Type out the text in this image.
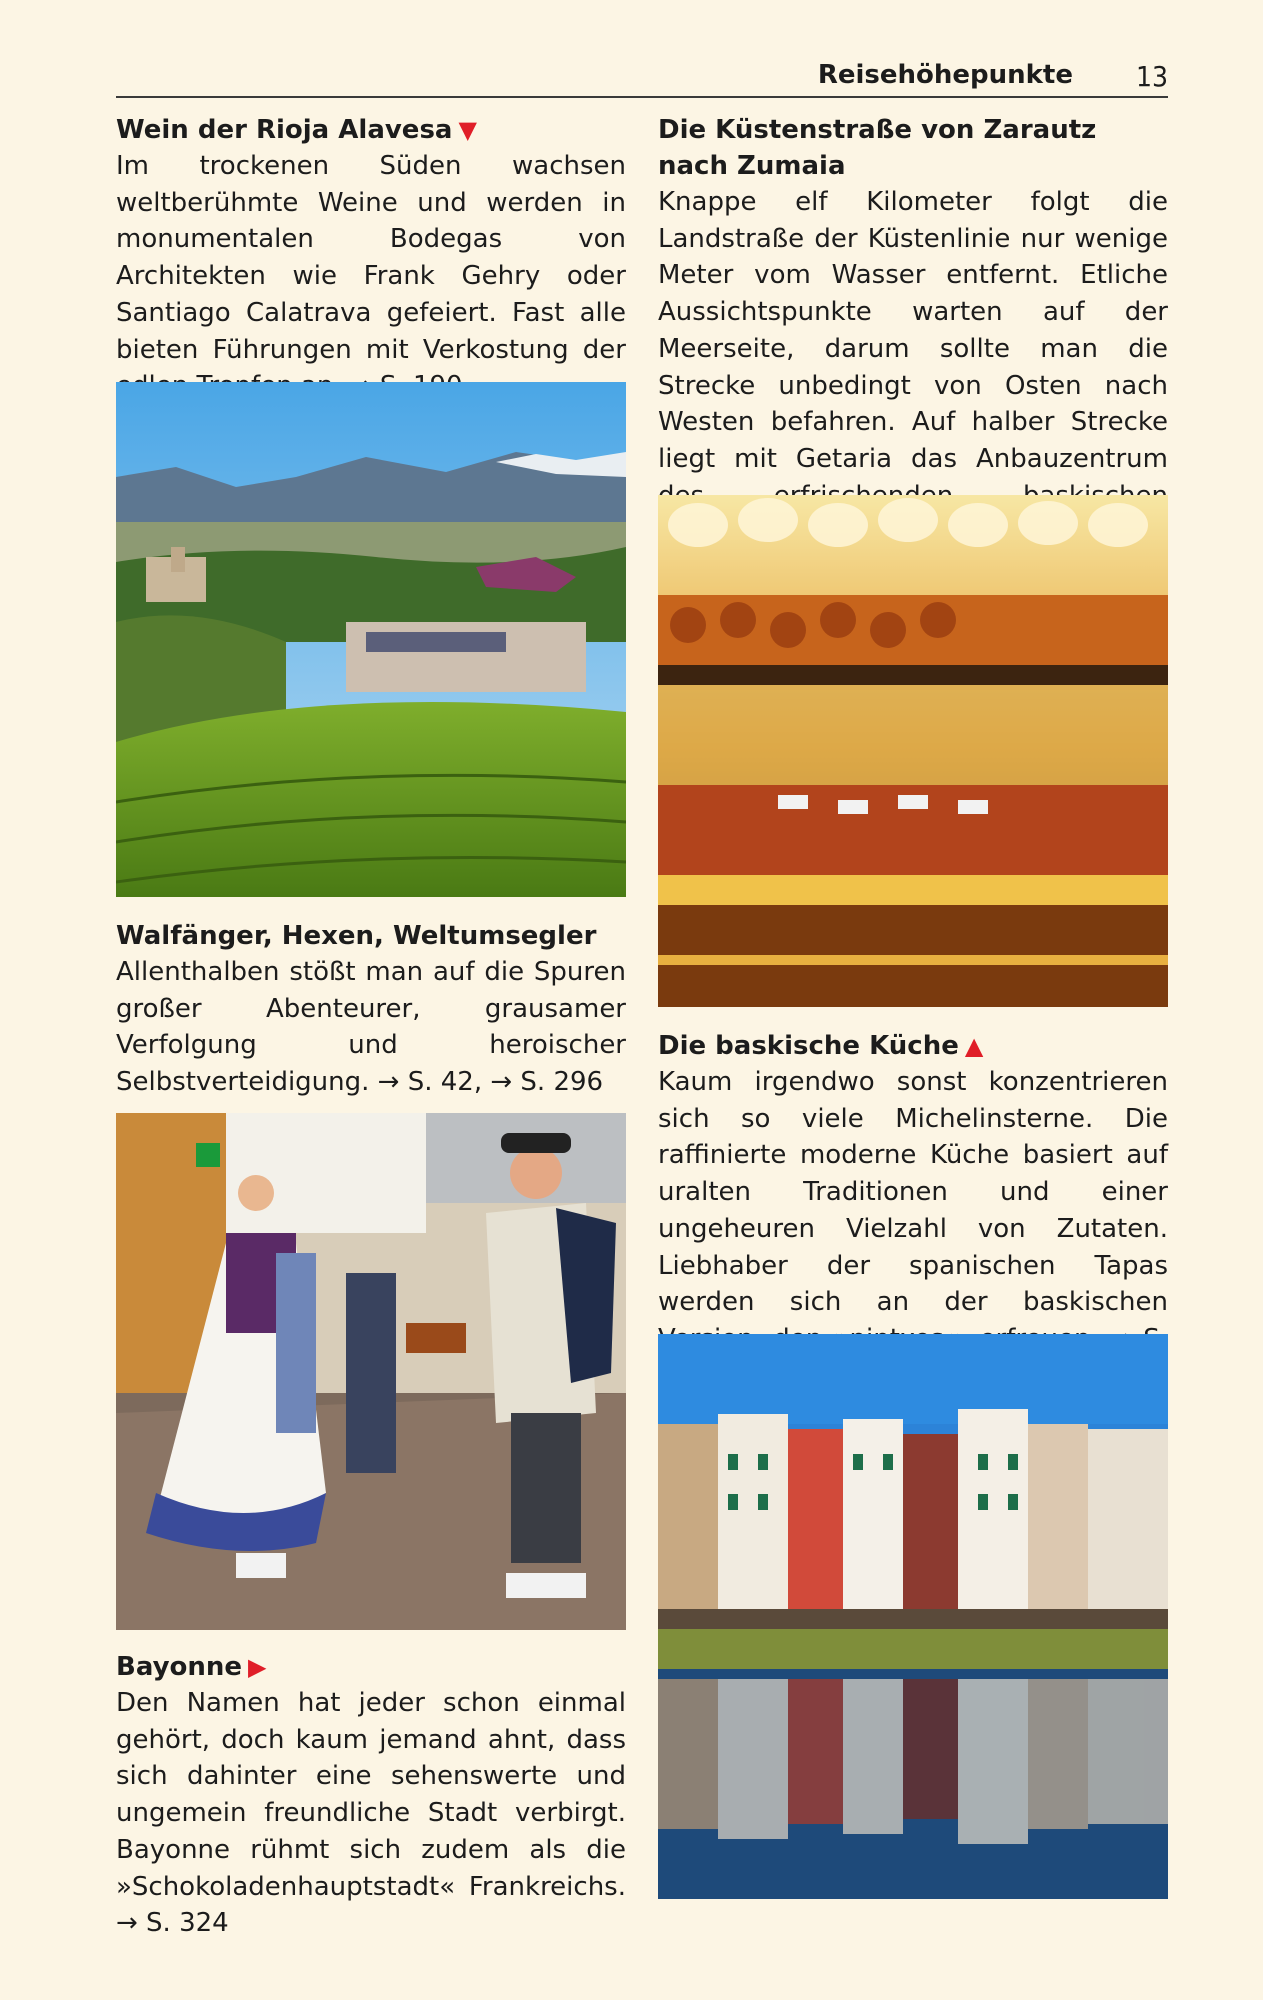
Reisehöhepunkte 13
Wein der Rioja Alavesa ▼

Im trockenen Süden wachsen weltberühmte Weine und werden in monumentalen Bodegas von Architekten wie Frank Gehry oder Santiago Calatrava gefeiert. Fast alle bieten Führungen mit Verkostung der

Walfänger, Hexen, Weltumsegler

Allenthalben stößt man auf die Spuren großer Abenteurer, grausamer Verfolgung und heroischer Selbstverteidigung. → S. 42, → S. 296

Bayonne ▶

Den Namen hat jeder schon einmal gehört, doch kaum jemand ahnt, dass sich dahinter eine sehenswerte und ungemein freundliche Stadt verbirgt. Bayonne rühmt sich zudem als die »Schokoladenhauptstadt« Frankreichs. → S. 324

Die Küstenstraße von Zarautz nach Zumaia

Knappe elf Kilometer folgt die Landstraße der Küstenlinie nur wenige Meter vom Wasser entfernt. Etliche Aussichtspunkte warten auf der Meerseite, darum sollte man die Strecke unbedingt von Osten nach Westen befahren. Auf halber Strecke liegt mit Getaria das Anbauzentrum

Die baskische Küche ▲

Kaum irgendwo sonst konzentrieren sich so viele Michelinsterne. Die raffinierte moderne Küche basiert auf uralten Traditionen und einer ungeheuren Vielzahl von Zutaten. Liebhaber der spanischen Tapas werden sich an der baskischen
